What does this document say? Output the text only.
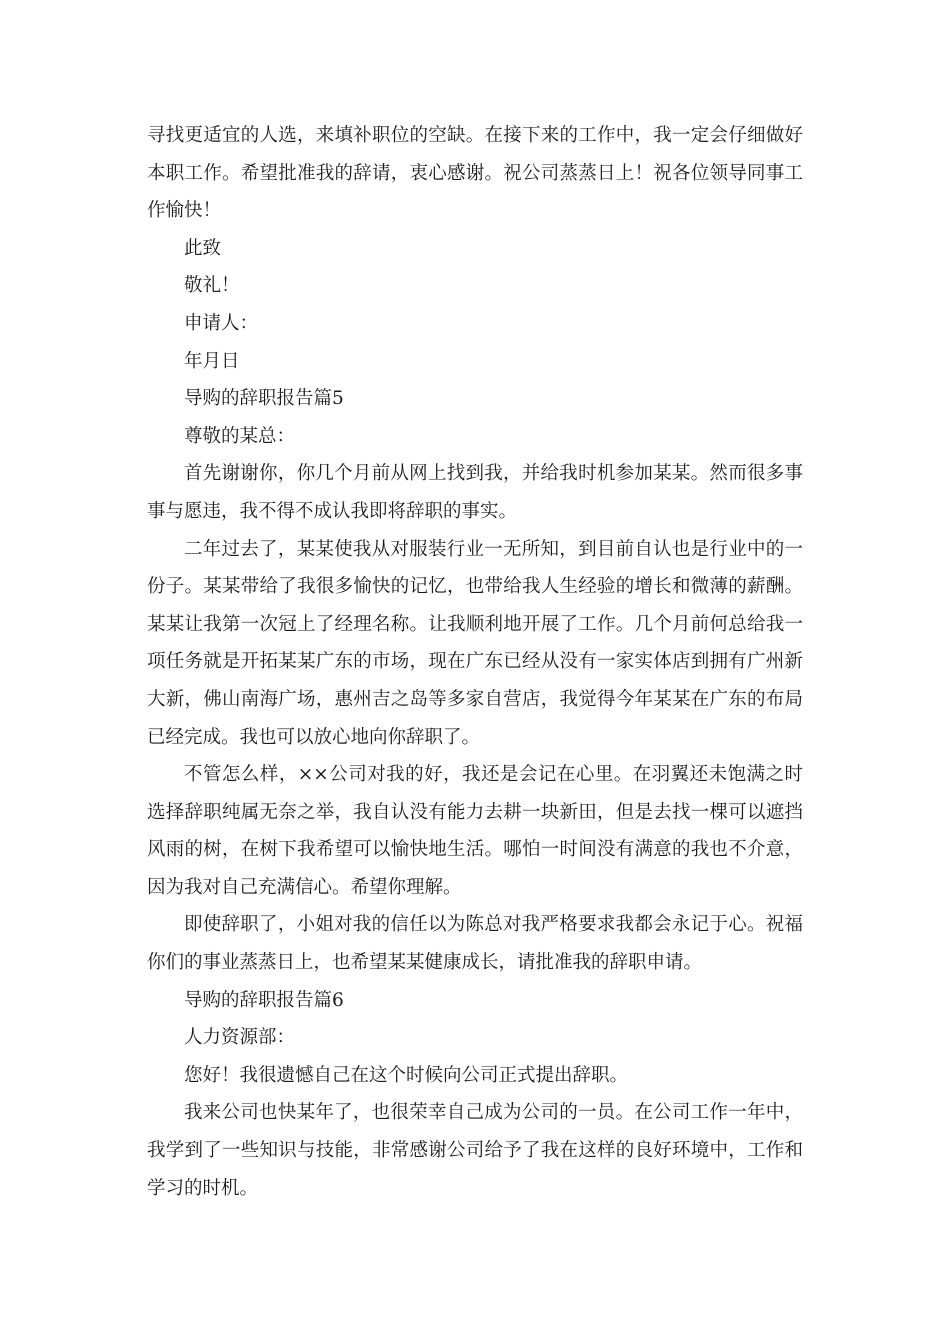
寻找更适宜的人选，来填补职位的空缺。在接下来的工作中，我一定会仔细做好本职工作。希望批准我的辞请，衷心感谢。祝公司蒸蒸日上！祝各位领导同事工作愉快！

此致

敬礼！

申请人：

年月日

导购的辞职报告篇5

尊敬的某总：

首先谢谢你，你几个月前从网上找到我，并给我时机参加某某。然而很多事事与愿违，我不得不成认我即将辞职的事实。

二年过去了，某某使我从对服装行业一无所知，到目前自认也是行业中的一份子。某某带给了我很多愉快的记忆，也带给我人生经验的增长和微薄的薪酬。某某让我第一次冠上了经理名称。让我顺利地开展了工作。几个月前何总给我一项任务就是开拓某某广东的市场，现在广东已经从没有一家实体店到拥有广州新大新，佛山南海广场，惠州吉之岛等多家自营店，我觉得今年某某在广东的布局已经完成。我也可以放心地向你辞职了。

不管怎么样，××公司对我的好，我还是会记在心里。在羽翼还未饱满之时选择辞职纯属无奈之举，我自认没有能力去耕一块新田，但是去找一棵可以遮挡风雨的树，在树下我希望可以愉快地生活。哪怕一时间没有满意的我也不介意，因为我对自己充满信心。希望你理解。

即使辞职了，小姐对我的信任以为陈总对我严格要求我都会永记于心。祝福你们的事业蒸蒸日上，也希望某某健康成长，请批准我的辞职申请。

导购的辞职报告篇6

人力资源部：

您好！我很遗憾自己在这个时候向公司正式提出辞职。

我来公司也快某年了，也很荣幸自己成为公司的一员。在公司工作一年中，我学到了一些知识与技能，非常感谢公司给予了我在这样的良好环境中，工作和学习的时机。
